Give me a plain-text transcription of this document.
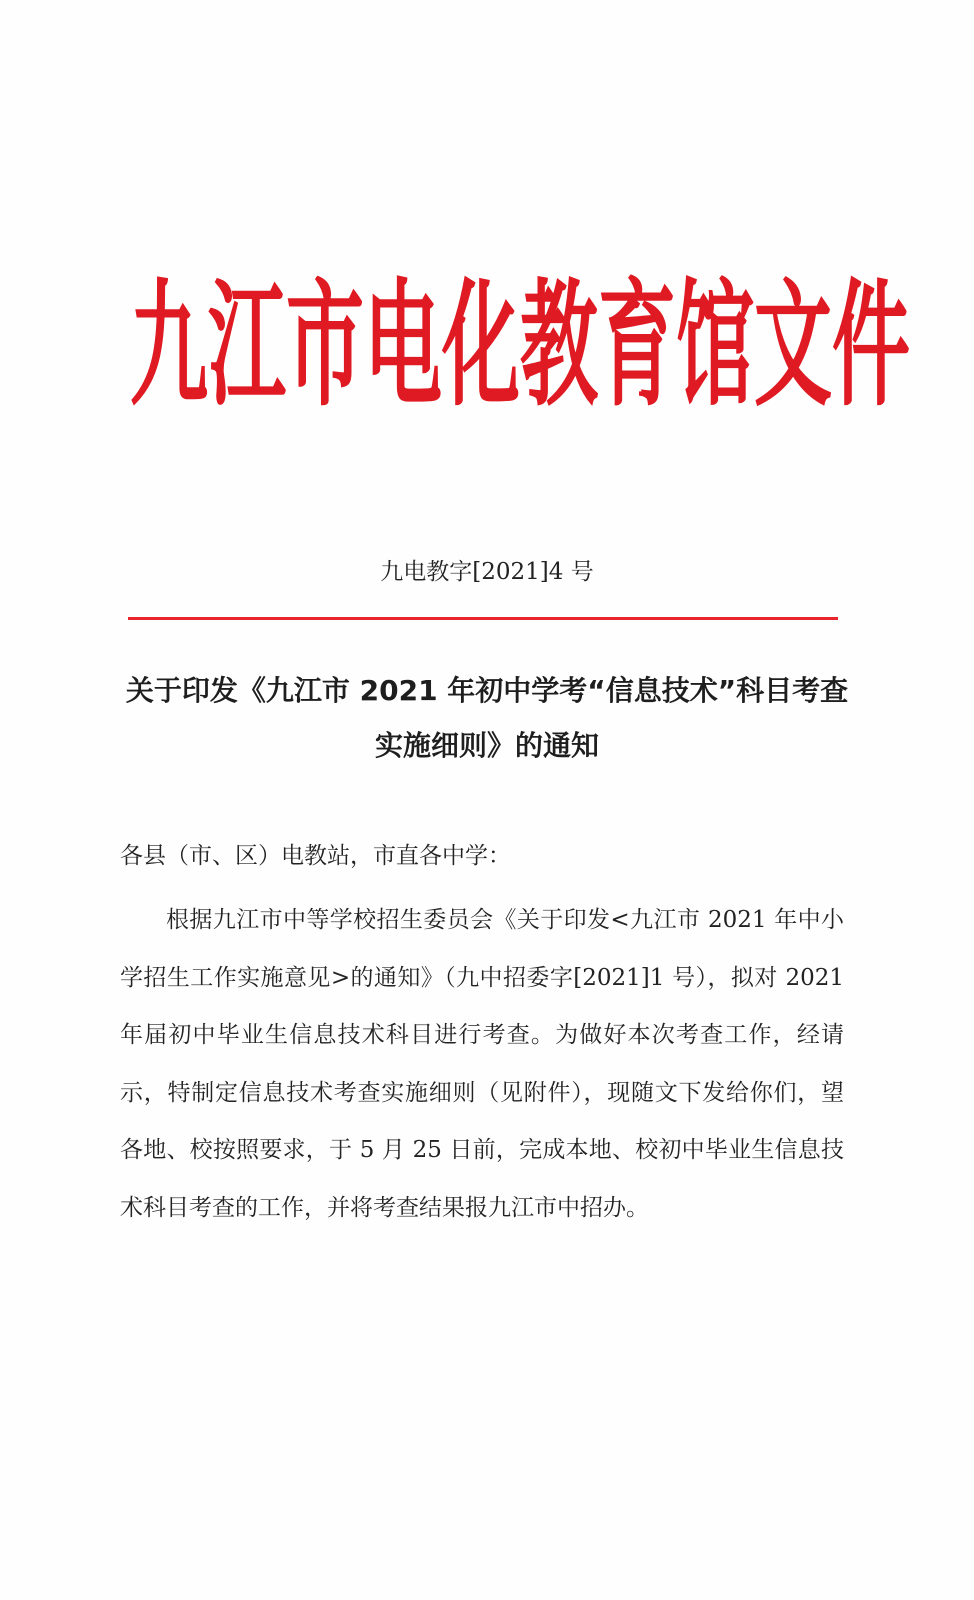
九江市电化教育馆文件
九电教字[2021]4 号
关于印发《九江市 2021 年初中学考“信息技术”科目考查
实施细则》的通知
各县（市、区）电教站，市直各中学：
根据九江市中等学校招生委员会《关于印发<九江市 2021 年中小
学招生工作实施意见>的通知》（九中招委字[2021]1 号），拟对 2021
年届初中毕业生信息技术科目进行考查。为做好本次考查工作，经请
示，特制定信息技术考查实施细则（见附件），现随文下发给你们，望
各地、校按照要求，于 5 月 25 日前，完成本地、校初中毕业生信息技
术科目考查的工作，并将考查结果报九江市中招办。
